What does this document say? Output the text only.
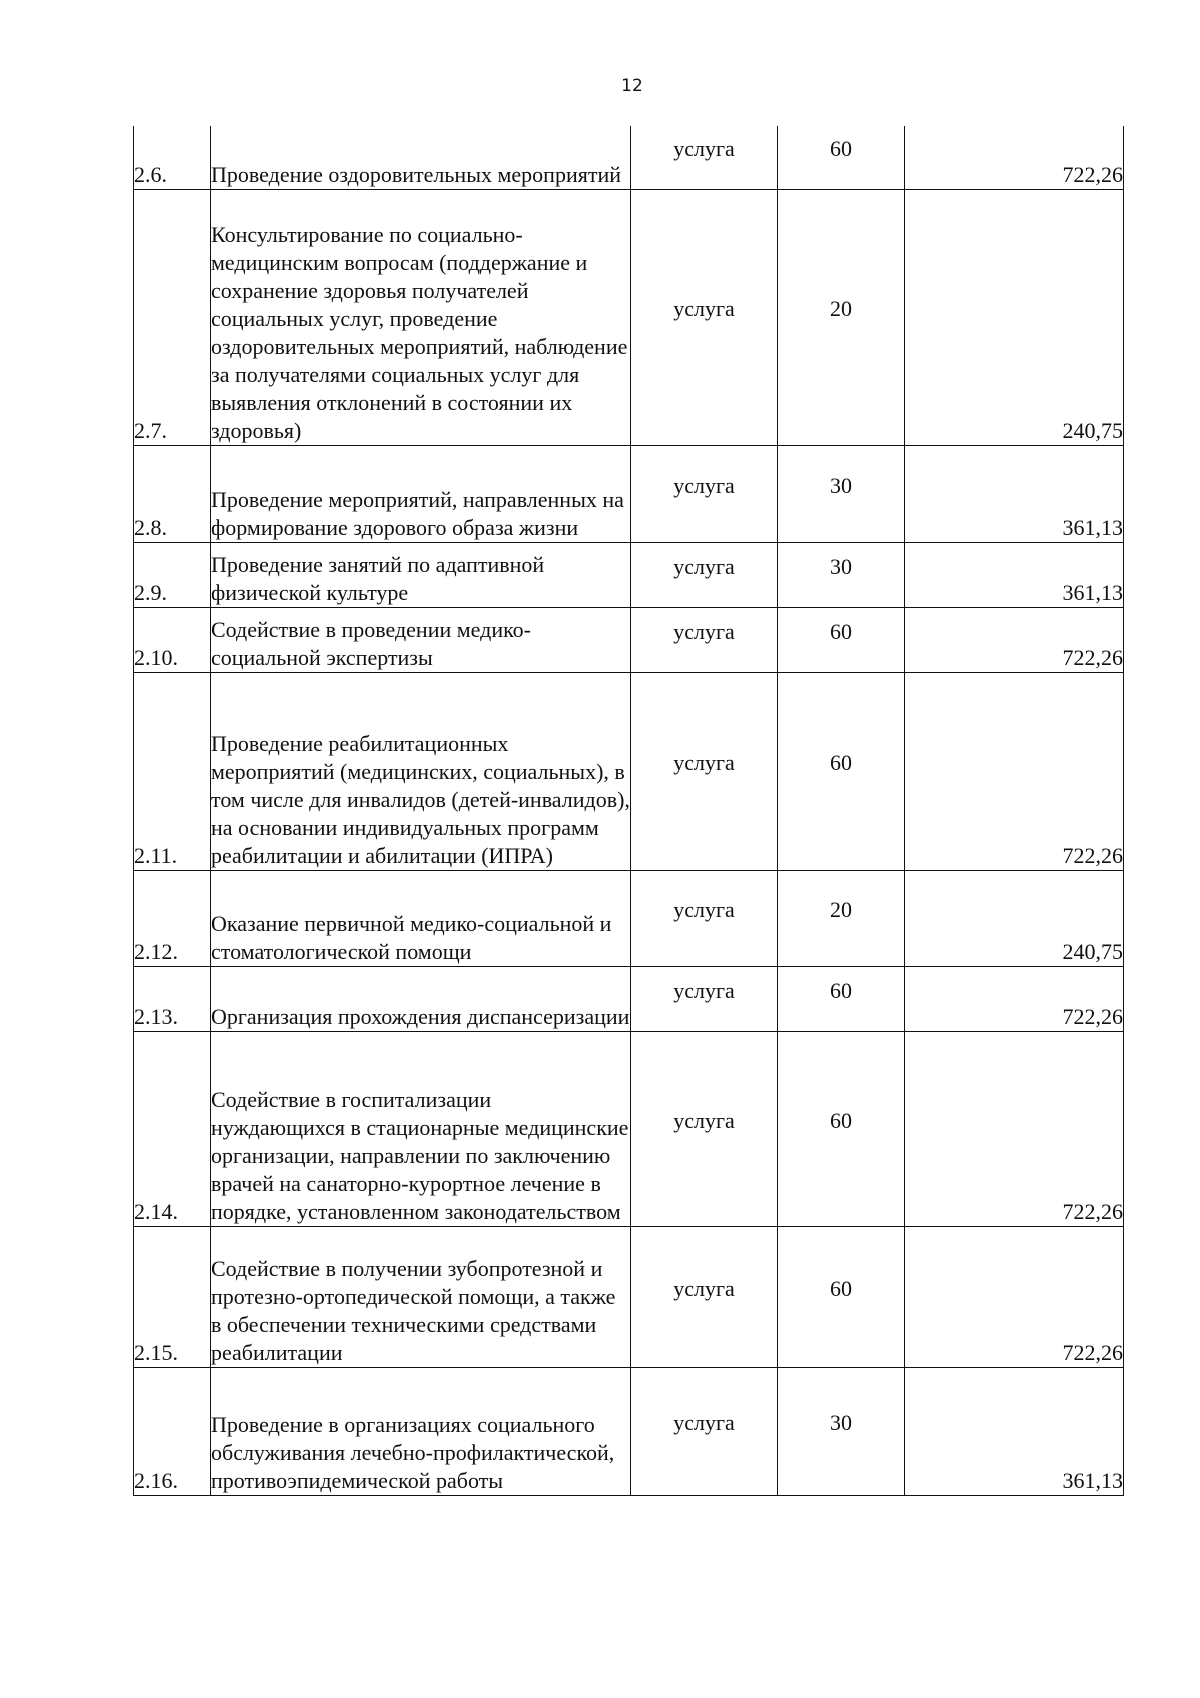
12
2.6.	Проведение оздоровительных мероприятий	услуга	60	722,26
2.7.	Консультирование по социально-медицинским вопросам (поддержание и сохранение здоровья получателей социальных услуг, проведение оздоровительных мероприятий, наблюдение за получателями социальных услуг для выявления отклонений в состоянии их здоровья)	услуга	20	240,75
2.8.	Проведение мероприятий, направленных на формирование здорового образа жизни	услуга	30	361,13
2.9.	Проведение занятий по адаптивной физической культуре	услуга	30	361,13
2.10.	Содействие в проведении медико-социальной экспертизы	услуга	60	722,26
2.11.	Проведение реабилитационных мероприятий (медицинских, социальных), в том числе для инвалидов (детей-инвалидов), на основании индивидуальных программ реабилитации и абилитации (ИПРА)	услуга	60	722,26
2.12.	Оказание первичной медико-социальной и стоматологической помощи	услуга	20	240,75
2.13.	Организация прохождения диспансеризации	услуга	60	722,26
2.14.	Содействие в госпитализации нуждающихся в стационарные медицинские организации, направлении по заключению врачей на санаторно-курортное лечение в порядке, установленном законодательством	услуга	60	722,26
2.15.	Содействие в получении зубопротезной и протезно-ортопедической помощи, а также в обеспечении техническими средствами реабилитации	услуга	60	722,26
2.16.	Проведение в организациях социального обслуживания лечебно-профилактической, противоэпидемической работы	услуга	30	361,13
